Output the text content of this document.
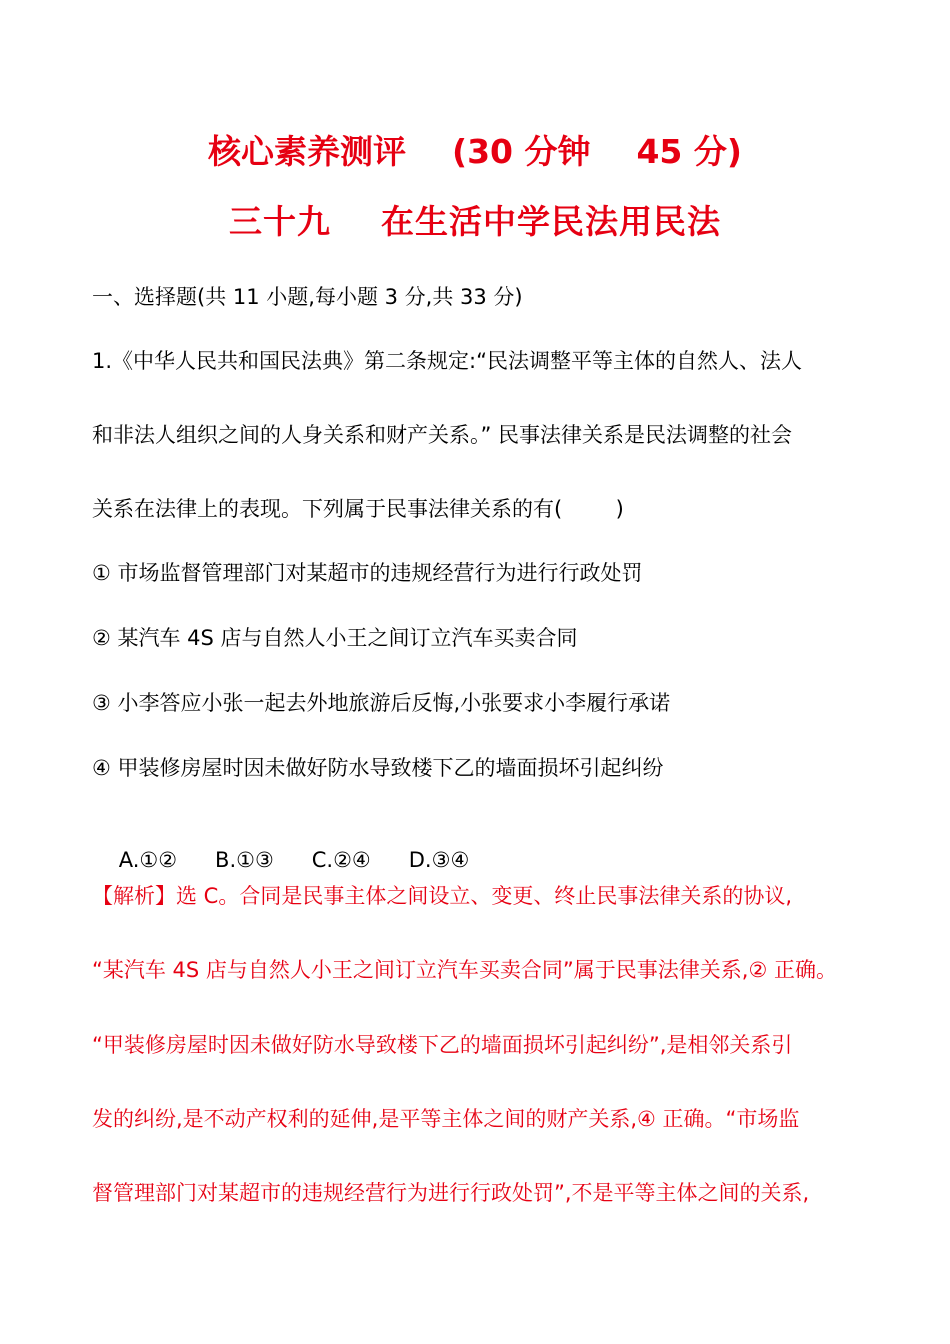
核心素养测评    (30 分钟    45 分)
三十九    在生活中学民法用民法
一、选择题(共 11 小题,每小题 3 分,共 33 分)
1.《中华人民共和国民法典》第二条规定:“民法调整平等主体的自然人、法人
和非法人组织之间的人身关系和财产关系。” 民事法律关系是民法调整的社会
关系在法律上的表现。下列属于民事法律关系的有(        )
① 市场监督管理部门对某超市的违规经营行为进行行政处罚
② 某汽车 4S 店与自然人小王之间订立汽车买卖合同
③ 小李答应小张一起去外地旅游后反悔,小张要求小李履行承诺
④ 甲装修房屋时因未做好防水导致楼下乙的墙面损坏引起纠纷

A.①② B.①③ C.②④ D.③④

【解析】选 C。合同是民事主体之间设立、变更、终止民事法律关系的协议,
“某汽车 4S 店与自然人小王之间订立汽车买卖合同”属于民事法律关系,② 正确。
“甲装修房屋时因未做好防水导致楼下乙的墙面损坏引起纠纷”,是相邻关系引
发的纠纷,是不动产权利的延伸,是平等主体之间的财产关系,④ 正确。“市场监
督管理部门对某超市的违规经营行为进行行政处罚”,不是平等主体之间的关系,
